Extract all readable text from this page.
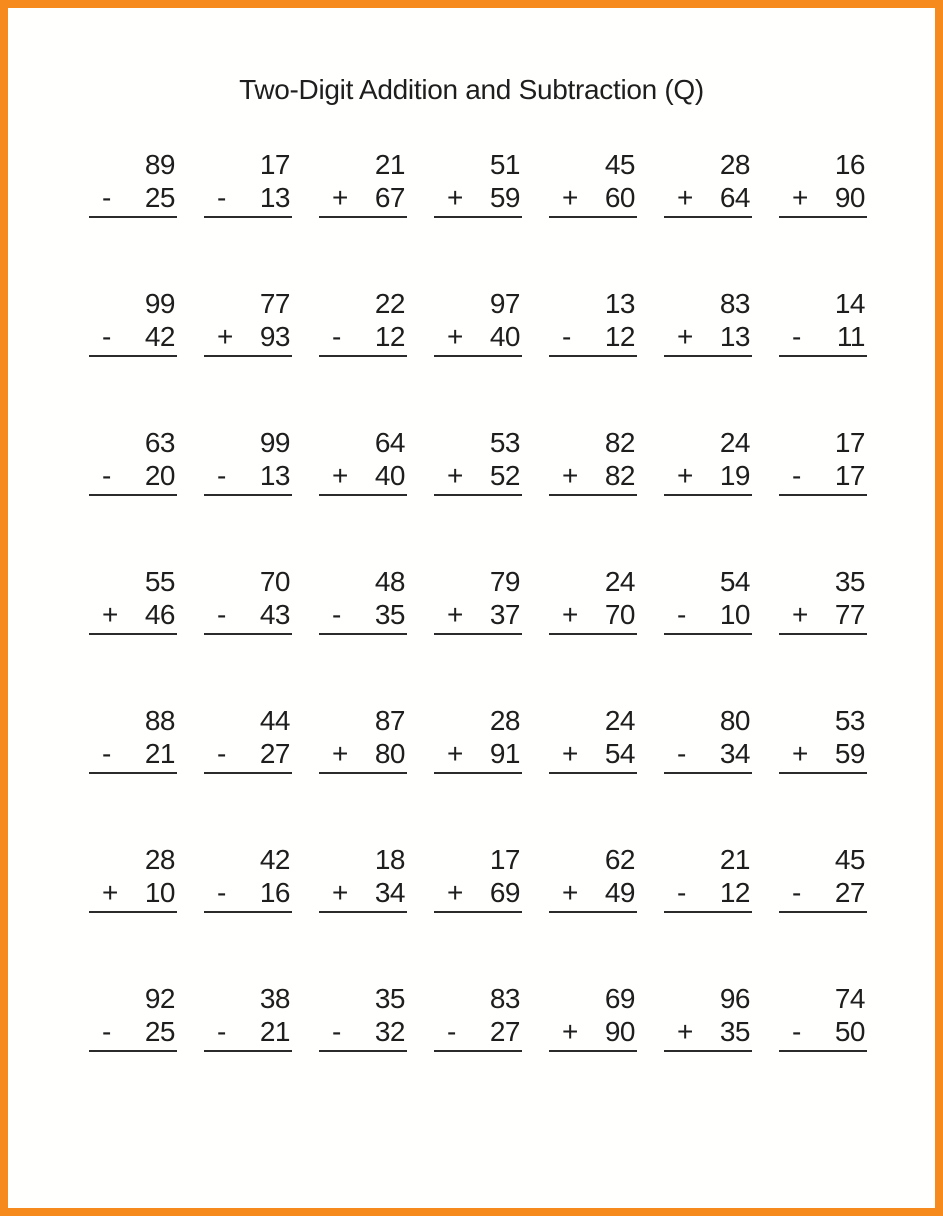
Two-Digit Addition and Subtraction (Q)
89
- 25
17
- 13
21
+ 67
51
+ 59
45
+ 60
28
+ 64
16
+ 90
99
- 42
77
+ 93
22
- 12
97
+ 40
13
- 12
83
+ 13
14
- 11
63
- 20
99
- 13
64
+ 40
53
+ 52
82
+ 82
24
+ 19
17
- 17
55
+ 46
70
- 43
48
- 35
79
+ 37
24
+ 70
54
- 10
35
+ 77
88
- 21
44
- 27
87
+ 80
28
+ 91
24
+ 54
80
- 34
53
+ 59
28
+ 10
42
- 16
18
+ 34
17
+ 69
62
+ 49
21
- 12
45
- 27
92
- 25
38
- 21
35
- 32
83
- 27
69
+ 90
96
+ 35
74
- 50
